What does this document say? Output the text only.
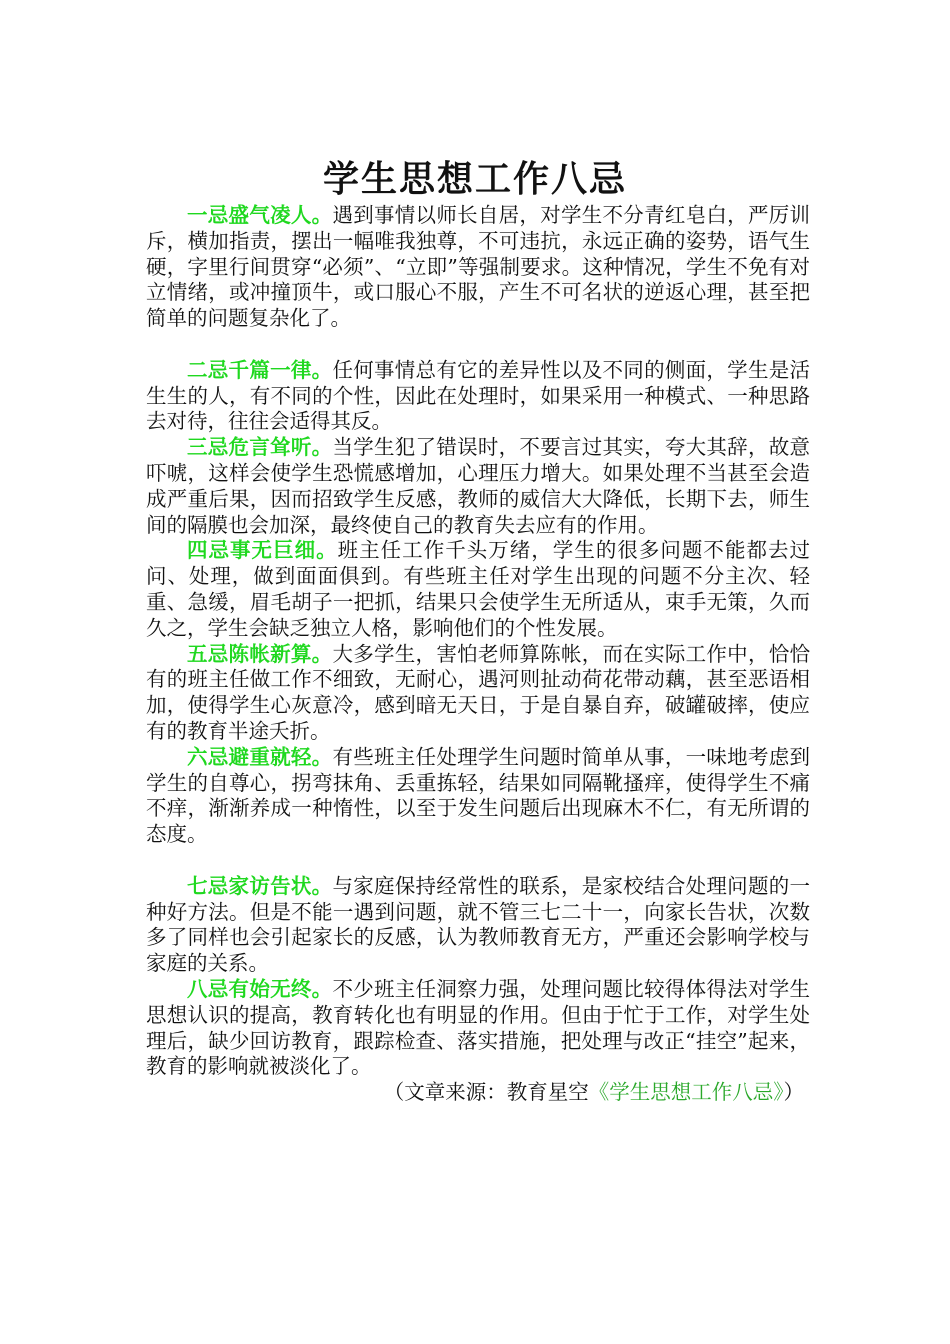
学生思想工作八忌

一忌盛气凌人。遇到事情以师长自居，对学生不分青红皂白，严厉训斥，横加指责，摆出一幅唯我独尊，不可违抗，永远正确的姿势，语气生硬，字里行间贯穿“必须”、“立即”等强制要求。这种情况，学生不免有对立情绪，或冲撞顶牛，或口服心不服，产生不可名状的逆返心理，甚至把简单的问题复杂化了。

二忌千篇一律。任何事情总有它的差异性以及不同的侧面，学生是活生生的人，有不同的个性，因此在处理时，如果采用一种模式、一种思路去对待，往往会适得其反。

三忌危言耸听。当学生犯了错误时，不要言过其实，夸大其辞，故意吓唬，这样会使学生恐慌感增加，心理压力增大。如果处理不当甚至会造成严重后果，因而招致学生反感，教师的威信大大降低，长期下去，师生间的隔膜也会加深，最终使自己的教育失去应有的作用。

四忌事无巨细。班主任工作千头万绪，学生的很多问题不能都去过问、处理，做到面面俱到。有些班主任对学生出现的问题不分主次、轻重、急缓，眉毛胡子一把抓，结果只会使学生无所适从，束手无策，久而久之，学生会缺乏独立人格，影响他们的个性发展。

五忌陈帐新算。大多学生，害怕老师算陈帐，而在实际工作中，恰恰有的班主任做工作不细致，无耐心，遇河则扯动荷花带动藕，甚至恶语相加，使得学生心灰意冷，感到暗无天日，于是自暴自弃，破罐破摔，使应有的教育半途夭折。

六忌避重就轻。有些班主任处理学生问题时简单从事，一味地考虑到学生的自尊心，拐弯抹角、丢重拣轻，结果如同隔靴搔痒，使得学生不痛不痒，渐渐养成一种惰性，以至于发生问题后出现麻木不仁，有无所谓的态度。

七忌家访告状。与家庭保持经常性的联系，是家校结合处理问题的一种好方法。但是不能一遇到问题，就不管三七二十一，向家长告状，次数多了同样也会引起家长的反感，认为教师教育无方，严重还会影响学校与家庭的关系。

八忌有始无终。不少班主任洞察力强，处理问题比较得体得法对学生思想认识的提高，教育转化也有明显的作用。但由于忙于工作，对学生处理后，缺少回访教育，跟踪检查、落实措施，把处理与改正“挂空”起来，教育的影响就被淡化了。

（文章来源：教育星空《学生思想工作八忌》）
